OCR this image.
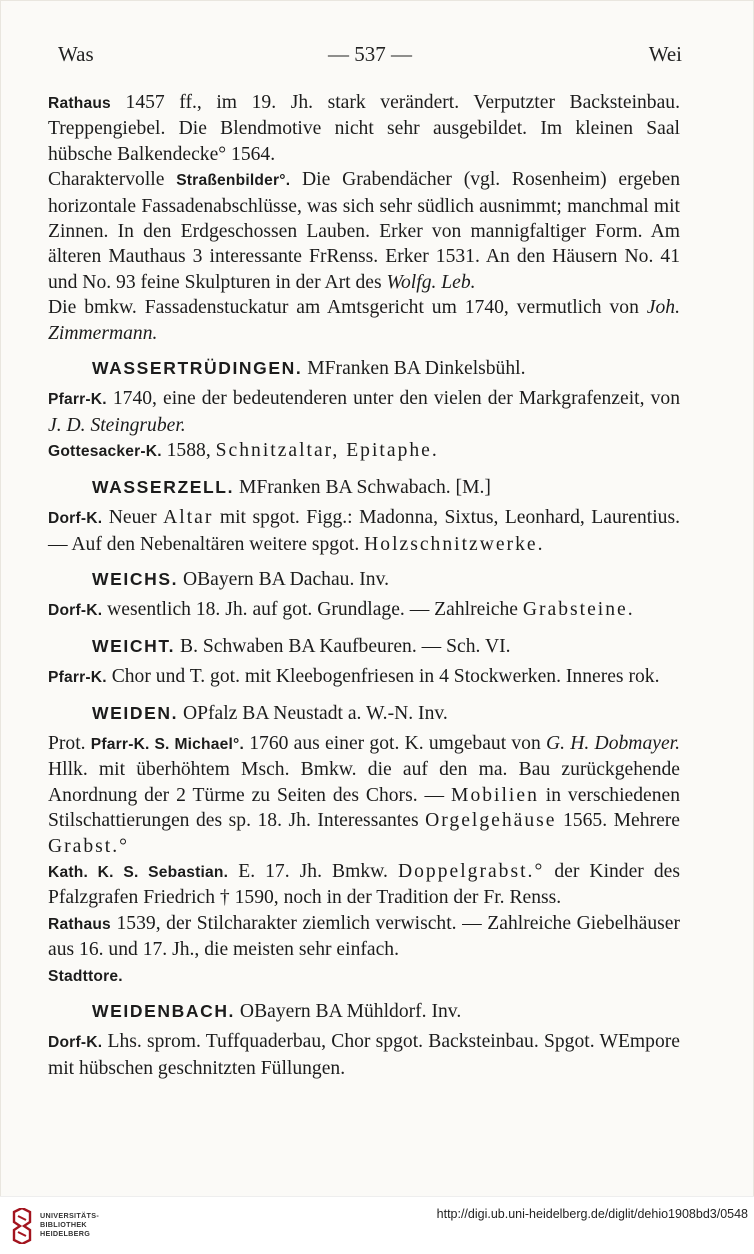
Was	— 537 —	Wei

Rathaus 1457 ff., im 19. Jh. stark verändert. Verputzter Backsteinbau. Treppengiebel. Die Blendmotive nicht sehr ausgebildet. Im kleinen Saal hübsche Balkendecke° 1564.

Charaktervolle Straßenbilder°. Die Grabendächer (vgl. Rosenheim) ergeben horizontale Fassadenabschlüsse, was sich sehr südlich ausnimmt; manchmal mit Zinnen. In den Erdgeschossen Lauben. Erker von mannigfaltiger Form. Am älteren Mauthaus 3 interessante FrRenss. Erker 1531. An den Häusern No. 41 und No. 93 feine Skulpturen in der Art des Wolfg. Leb.

Die bmkw. Fassadenstuckatur am Amtsgericht um 1740, vermutlich von Joh. Zimmermann.

WASSERTRÜDINGEN. MFranken BA Dinkelsbühl.

Pfarr-K. 1740, eine der bedeutenderen unter den vielen der Markgrafenzeit, von J. D. Steingruber.

Gottesacker-K. 1588, Schnitzaltar, Epitaphe.

WASSERZELL. MFranken BA Schwabach. [M.]

Dorf-K. Neuer Altar mit spgot. Figg.: Madonna, Sixtus, Leonhard, Laurentius. — Auf den Nebenaltären weitere spgot. Holzschnitzwerke.

WEICHS. OBayern BA Dachau. Inv.

Dorf-K. wesentlich 18. Jh. auf got. Grundlage. — Zahlreiche Grabsteine.

WEICHT. B. Schwaben BA Kaufbeuren. — Sch. VI.

Pfarr-K. Chor und T. got. mit Kleebogenfriesen in 4 Stockwerken. Inneres rok.

WEIDEN. OPfalz BA Neustadt a. W.-N. Inv.

Prot. Pfarr-K. S. Michael°. 1760 aus einer got. K. umgebaut von G. H. Dobmayer. Hllk. mit überhöhtem Msch. Bmkw. die auf den ma. Bau zurückgehende Anordnung der 2 Türme zu Seiten des Chors. — Mobilien in verschiedenen Stilschattierungen des sp. 18. Jh. Interessantes Orgelgehäuse 1565. Mehrere Grabst.°

Kath. K. S. Sebastian. E. 17. Jh. Bmkw. Doppelgrabst.° der Kinder des Pfalzgrafen Friedrich † 1590, noch in der Tradition der Fr. Renss.

Rathaus 1539, der Stilcharakter ziemlich verwischt. — Zahlreiche Giebelhäuser aus 16. und 17. Jh., die meisten sehr einfach.

Stadttore.

WEIDENBACH. OBayern BA Mühldorf. Inv.

Dorf-K. Lhs. sprom. Tuffquaderbau, Chor spgot. Backsteinbau. Spgot. WEmpore mit hübschen geschnitzten Füllungen.

UNIVERSITÄTS-
BIBLIOTHEK
HEIDELBERG
http://digi.ub.uni-heidelberg.de/diglit/dehio1908bd3/0548
